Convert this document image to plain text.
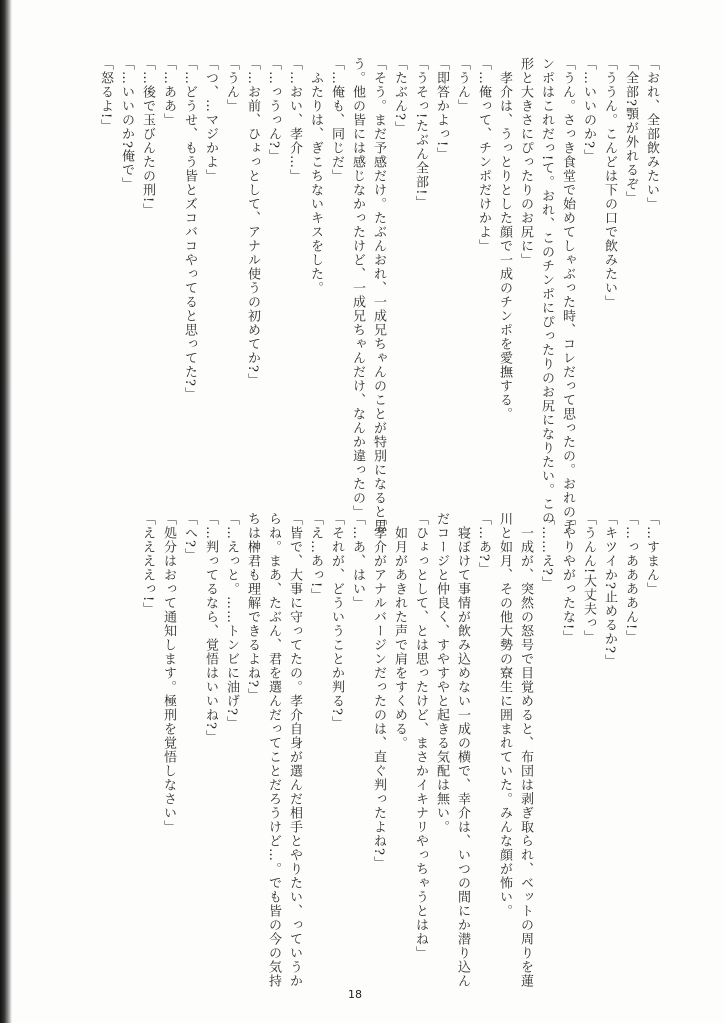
「おれ、全部飲みたい」
「全部?顎が外れるぞ」
「ううん。こんどは下の口で飲みたい」
「…いいのか?」
「うん。さっき食堂で始めてしゃぶった時、コレだって思ったの。おれのチ
ンポはこれだっ!て。おれ、このチンポにぴったりのお尻になりたい。この
形と大きさにぴったりのお尻に」
孝介は、うっとりとした顔で一成のチンポを愛撫する。
「…俺って、チンポだけかよ」
「うん」
「即答かよっ!」
「うそっ!たぶん全部!」
「たぶん?」
「そう。まだ予感だけ。たぶんおれ、一成兄ちゃんのことが特別になると思
う。他の皆には感じなかったけど、一成兄ちゃんだけ、なんか違ったの」
「…俺も、同じだ」
ふたりは、ぎこちないキスをした。
「…おい、孝介…」
「…っうっん?」
「…お前、ひょっとして、アナル使うの初めてか?」
「うん」
「つ、…マジかよ」
「…どうせ、もう皆とズコバコやってると思ってた?」
「…ああ」
「…後で玉びんたの刑!」
「…いいのか?俺で」
「怒るよ!」
「…すまん」
「…っああああん!」
「キツイか?止めるか?」
「うんん!大丈夫っ」
「やりやがったな!」
「……え?」
一成が、突然の怒号で目覚めると、布団は剥ぎ取られ、ベットの周りを蓮
川と如月、その他大勢の寮生に囲まれていた。みんな顔が怖い。
「…あ?」
寝ぼけて事情が飲み込めない一成の横で、幸介は、いつの間にか潜り込ん
だコージと仲良く、すやすやと起きる気配は無い。
「ひょっとして、とは思ったけど、まさかイキナリやっちゃうとはね」
如月があきれた声で肩をすくめる。
「孝介がアナルバージンだったのは、直ぐ判ったよね?」
「…あ、はい」
「それが、どういうことか判る?」
「え…あっ!」
「皆で、大事に守ってたの。孝介自身が選んだ相手とやりたい、っていうか
らね。まあ、たぶん、君を選んだってことだろうけど…。でも皆の今の気持
ちは榊君も理解できるよね?」
「…えっと。……トンビに油げ?」
「…判ってるなら、覚悟はいいね?」
「へ?」
「処分はおって通知します。極刑を覚悟しなさい」
「ええええっ!」
18
